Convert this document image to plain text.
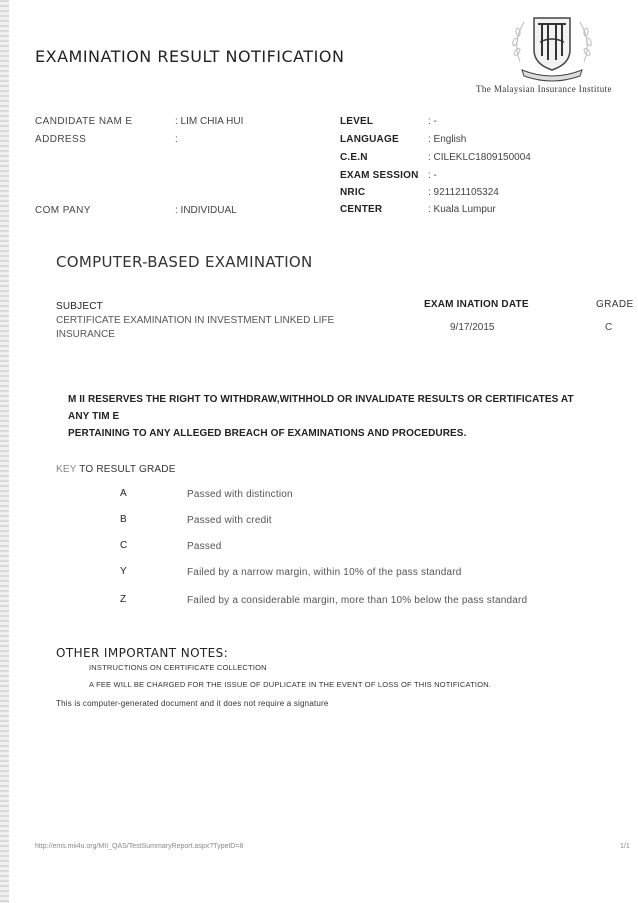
EXAMINATION RESULT NOTIFICATION
The Malaysian Insurance Institute
CANDIDATE NAM E	: LIM CHIA HUI
ADDRESS	:
COM PANY	: INDIVIDUAL
LEVEL	: -
LANGUAGE	: English
C.E.N	: CILEKLC1809150004
EXAM SESSION : -
NRIC	: 921121105324
CENTER	: Kuala Lumpur
COMPUTER-BASED EXAMINATION
SUBJECT	EXAM INATION DATE	GRADE
CERTIFICATE EXAMINATION IN INVESTMENT LINKED LIFE
INSURANCE
9/17/2015	C
M II RESERVES THE RIGHT TO WITHDRAW,WITHHOLD OR INVALIDATE RESULTS OR CERTIFICATES AT ANY TIM E
PERTAINING TO ANY ALLEGED BREACH OF EXAMINATIONS AND PROCEDURES.
KEY TO RESULT GRADE
A	Passed with distinction
B	Passed with credit
C	Passed
Y	Failed by a narrow margin, within 10% of the pass standard
Z	Failed by a considerable margin, more than 10% below the pass standard
OTHER IMPORTANT NOTES:
INSTRUCTIONS ON CERTIFICATE COLLECTION
A FEE WILL BE CHARGED FOR THE ISSUE OF DUPLICATE IN THE EVENT OF LOSS OF THIS NOTIFICATION.
This is computer-generated document and it does not require a signature
http://ems.mii4u.org/MII_QAS/TestSummaryReport.aspx?TypeID=8	1/1
